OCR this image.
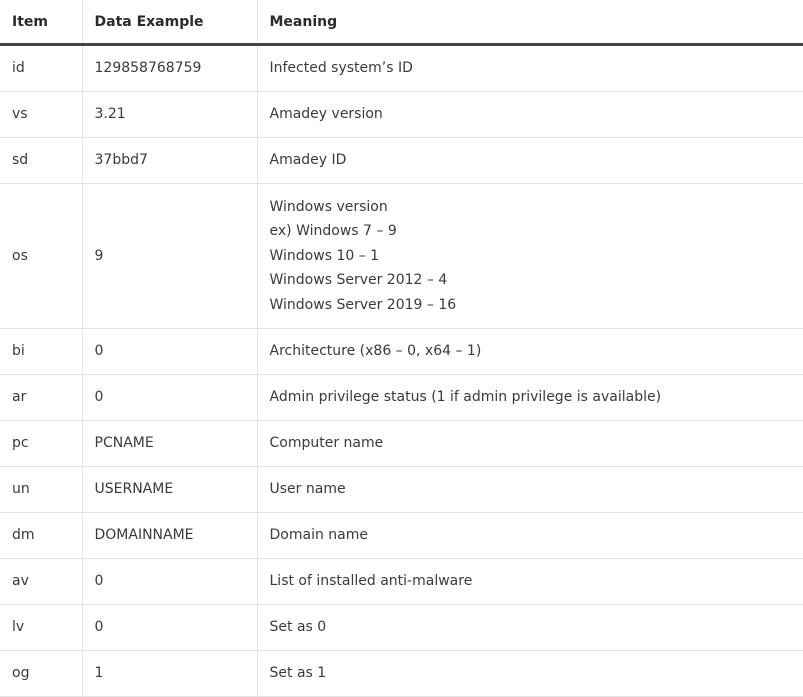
Item	Data Example	Meaning
id	129858768759	Infected system’s ID

vs	3.21	Amadey version

sd	37bbd7	Amadey ID

os	9	Windows version
ex) Windows 7 – 9
Windows 10 – 1
Windows Server 2012 – 4
Windows Server 2019 – 16

bi	0	Architecture (x86 – 0, x64 – 1)

ar	0	Admin privilege status (1 if admin privilege is available)

pc	PCNAME	Computer name

un	USERNAME	User name

dm	DOMAINNAME	Domain name

av	0	List of installed anti-malware

lv	0	Set as 0

og	1	Set as 1
